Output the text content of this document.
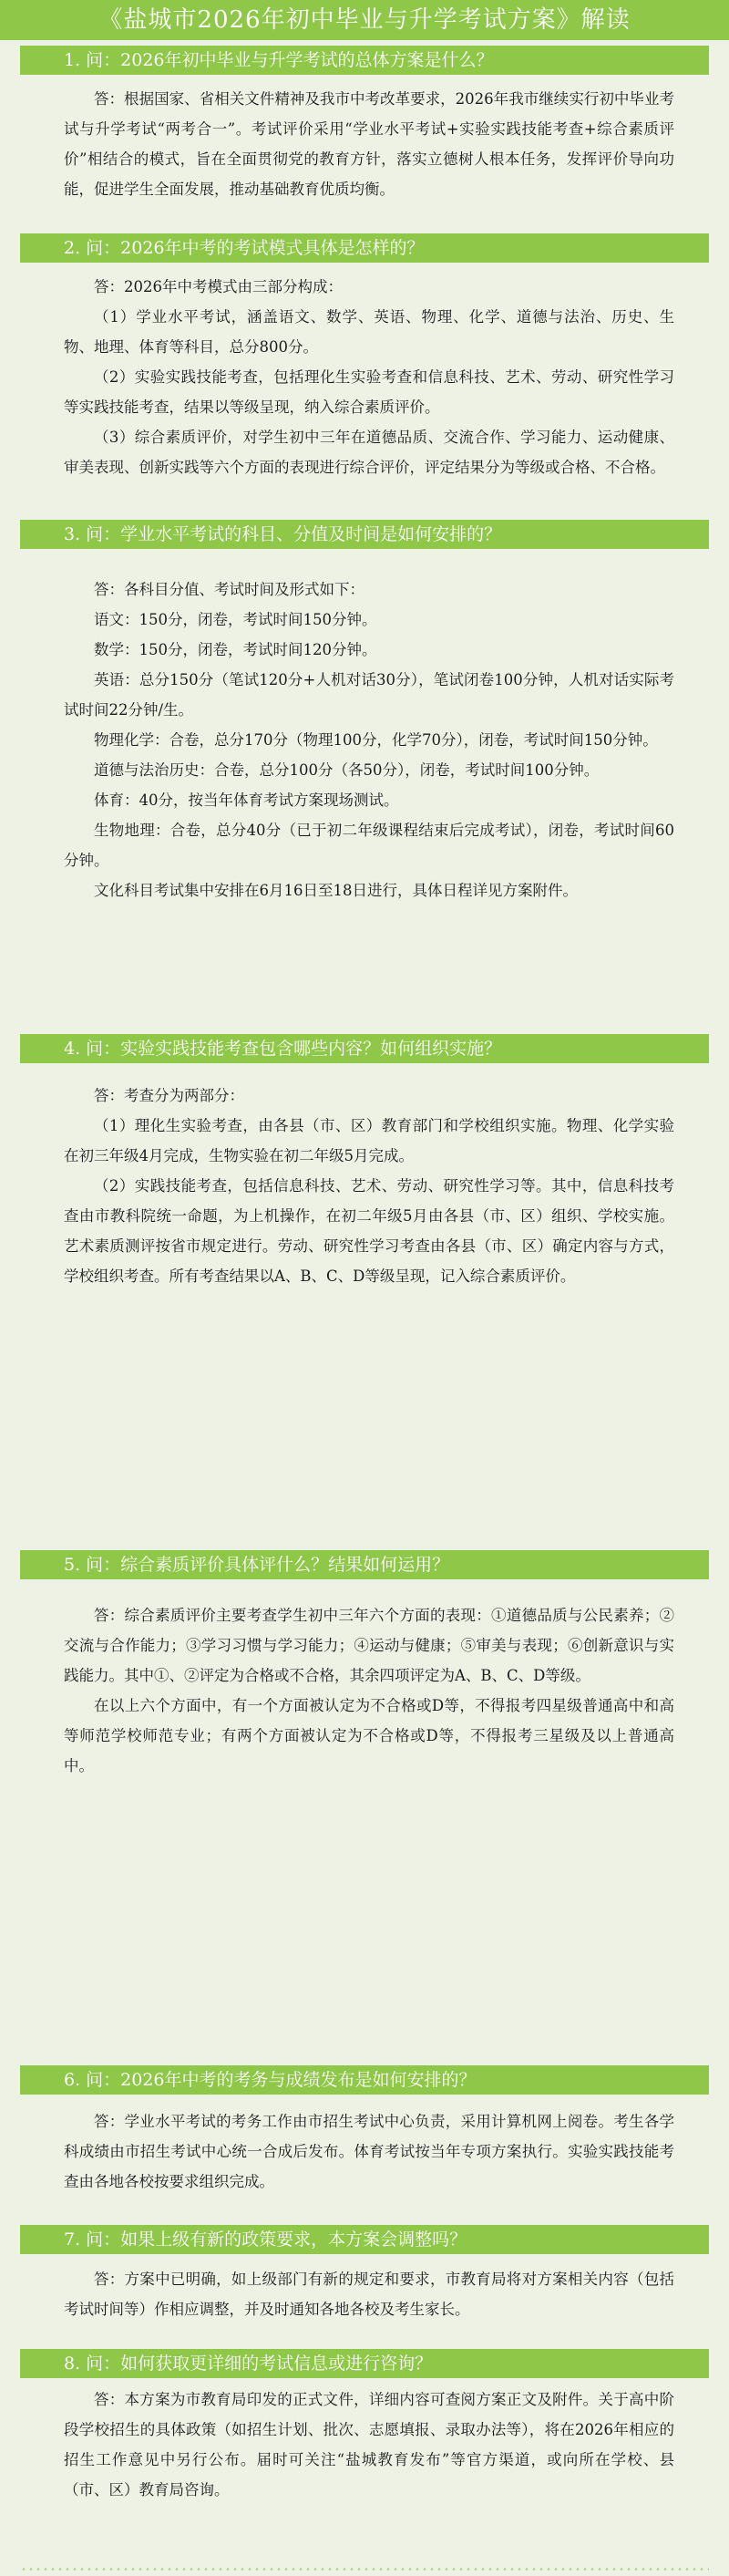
《盐城市2026年初中毕业与升学考试方案》解读
1. 问：2026年初中毕业与升学考试的总体方案是什么？

答：根据国家、省相关文件精神及我市中考改革要求，2026年我市继续实行初中毕业考试与升学考试“两考合一”。考试评价采用“学业水平考试+实验实践技能考查+综合素质评价”相结合的模式，旨在全面贯彻党的教育方针，落实立德树人根本任务，发挥评价导向功能，促进学生全面发展，推动基础教育优质均衡。

2. 问：2026年中考的考试模式具体是怎样的？

答：2026年中考模式由三部分构成：

（1）学业水平考试，涵盖语文、数学、英语、物理、化学、道德与法治、历史、生物、地理、体育等科目，总分800分。

（2）实验实践技能考查，包括理化生实验考查和信息科技、艺术、劳动、研究性学习等实践技能考查，结果以等级呈现，纳入综合素质评价。

（3）综合素质评价，对学生初中三年在道德品质、交流合作、学习能力、运动健康、审美表现、创新实践等六个方面的表现进行综合评价，评定结果分为等级或合格、不合格。

3. 问：学业水平考试的科目、分值及时间是如何安排的？

答：各科目分值、考试时间及形式如下：

语文：150分，闭卷，考试时间150分钟。

数学：150分，闭卷，考试时间120分钟。

英语：总分150分（笔试120分+人机对话30分），笔试闭卷100分钟，人机对话实际考试时间22分钟/生。

物理化学：合卷，总分170分（物理100分，化学70分），闭卷，考试时间150分钟。

道德与法治历史：合卷，总分100分（各50分），闭卷，考试时间100分钟。

体育：40分，按当年体育考试方案现场测试。

生物地理：合卷，总分40分（已于初二年级课程结束后完成考试），闭卷，考试时间60分钟。

文化科目考试集中安排在6月16日至18日进行，具体日程详见方案附件。

4. 问：实验实践技能考查包含哪些内容？如何组织实施？

答：考查分为两部分：

（1）理化生实验考查，由各县（市、区）教育部门和学校组织实施。物理、化学实验在初三年级4月完成，生物实验在初二年级5月完成。

（2）实践技能考查，包括信息科技、艺术、劳动、研究性学习等。其中，信息科技考查由市教科院统一命题，为上机操作，在初二年级5月由各县（市、区）组织、学校实施。艺术素质测评按省市规定进行。劳动、研究性学习考查由各县（市、区）确定内容与方式，学校组织考查。所有考查结果以A、B、C、D等级呈现，记入综合素质评价。

5. 问：综合素质评价具体评什么？结果如何运用？

答：综合素质评价主要考查学生初中三年六个方面的表现：①道德品质与公民素养；②交流与合作能力；③学习习惯与学习能力；④运动与健康；⑤审美与表现；⑥创新意识与实践能力。其中①、②评定为合格或不合格，其余四项评定为A、B、C、D等级。

在以上六个方面中，有一个方面被认定为不合格或D等，不得报考四星级普通高中和高等师范学校师范专业；有两个方面被认定为不合格或D等，不得报考三星级及以上普通高中。

6. 问：2026年中考的考务与成绩发布是如何安排的？

答：学业水平考试的考务工作由市招生考试中心负责，采用计算机网上阅卷。考生各学科成绩由市招生考试中心统一合成后发布。体育考试按当年专项方案执行。实验实践技能考查由各地各校按要求组织完成。

7. 问：如果上级有新的政策要求，本方案会调整吗？

答：方案中已明确，如上级部门有新的规定和要求，市教育局将对方案相关内容（包括考试时间等）作相应调整，并及时通知各地各校及考生家长。

8. 问：如何获取更详细的考试信息或进行咨询？

答：本方案为市教育局印发的正式文件，详细内容可查阅方案正文及附件。关于高中阶段学校招生的具体政策（如招生计划、批次、志愿填报、录取办法等），将在2026年相应的招生工作意见中另行公布。届时可关注“盐城教育发布”等官方渠道，或向所在学校、县（市、区）教育局咨询。
